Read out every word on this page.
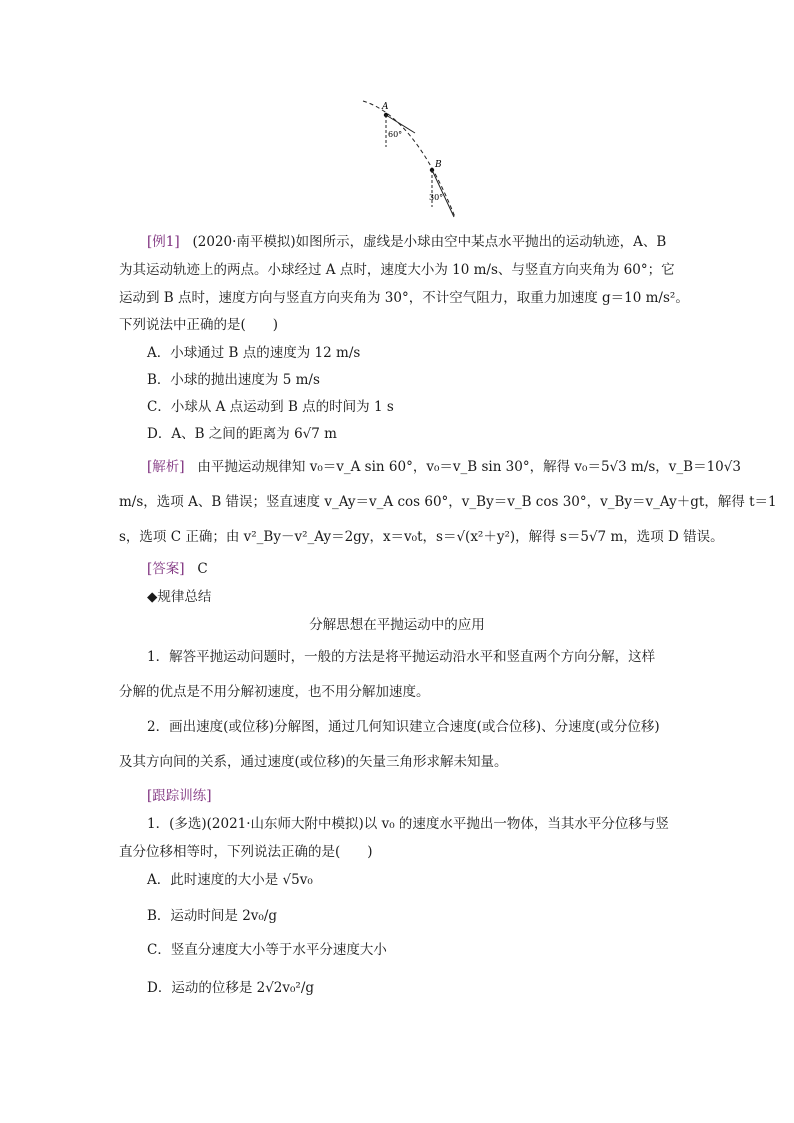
A
60°
B
30°
[例1] (2020·南平模拟)如图所示，虚线是小球由空中某点水平抛出的运动轨迹，A、B
为其运动轨迹上的两点。小球经过 A 点时，速度大小为 10 m/s、与竖直方向夹角为 60°；它
运动到 B 点时，速度方向与竖直方向夹角为 30°，不计空气阻力，取重力加速度 g＝10 m/s²。
下列说法中正确的是(　　)
A．小球通过 B 点的速度为 12 m/s
B．小球的抛出速度为 5 m/s
C．小球从 A 点运动到 B 点的时间为 1 s
D．A、B 之间的距离为 6√7 m
[解析] 由平抛运动规律知 v₀＝v_A sin 60°，v₀＝v_B sin 30°，解得 v₀＝5√3 m/s，v_B＝10√3
m/s，选项 A、B 错误；竖直速度 v_Ay＝v_A cos 60°，v_By＝v_B cos 30°，v_By＝v_Ay＋gt，解得 t＝1
s，选项 C 正确；由 v²_By－v²_Ay＝2gy，x＝v₀t，s＝√(x²＋y²)，解得 s＝5√7 m，选项 D 错误。
[答案] C
◆规律总结
分解思想在平抛运动中的应用
1．解答平抛运动问题时，一般的方法是将平抛运动沿水平和竖直两个方向分解，这样
分解的优点是不用分解初速度，也不用分解加速度。
2．画出速度(或位移)分解图，通过几何知识建立合速度(或合位移)、分速度(或分位移)
及其方向间的关系，通过速度(或位移)的矢量三角形求解未知量。
[跟踪训练]
1．(多选)(2021·山东师大附中模拟)以 v₀ 的速度水平抛出一物体，当其水平分位移与竖
直分位移相等时，下列说法正确的是(　　)
A．此时速度的大小是 √5v₀
B．运动时间是 2v₀/g
C．竖直分速度大小等于水平分速度大小
D．运动的位移是 2√2v₀²/g
